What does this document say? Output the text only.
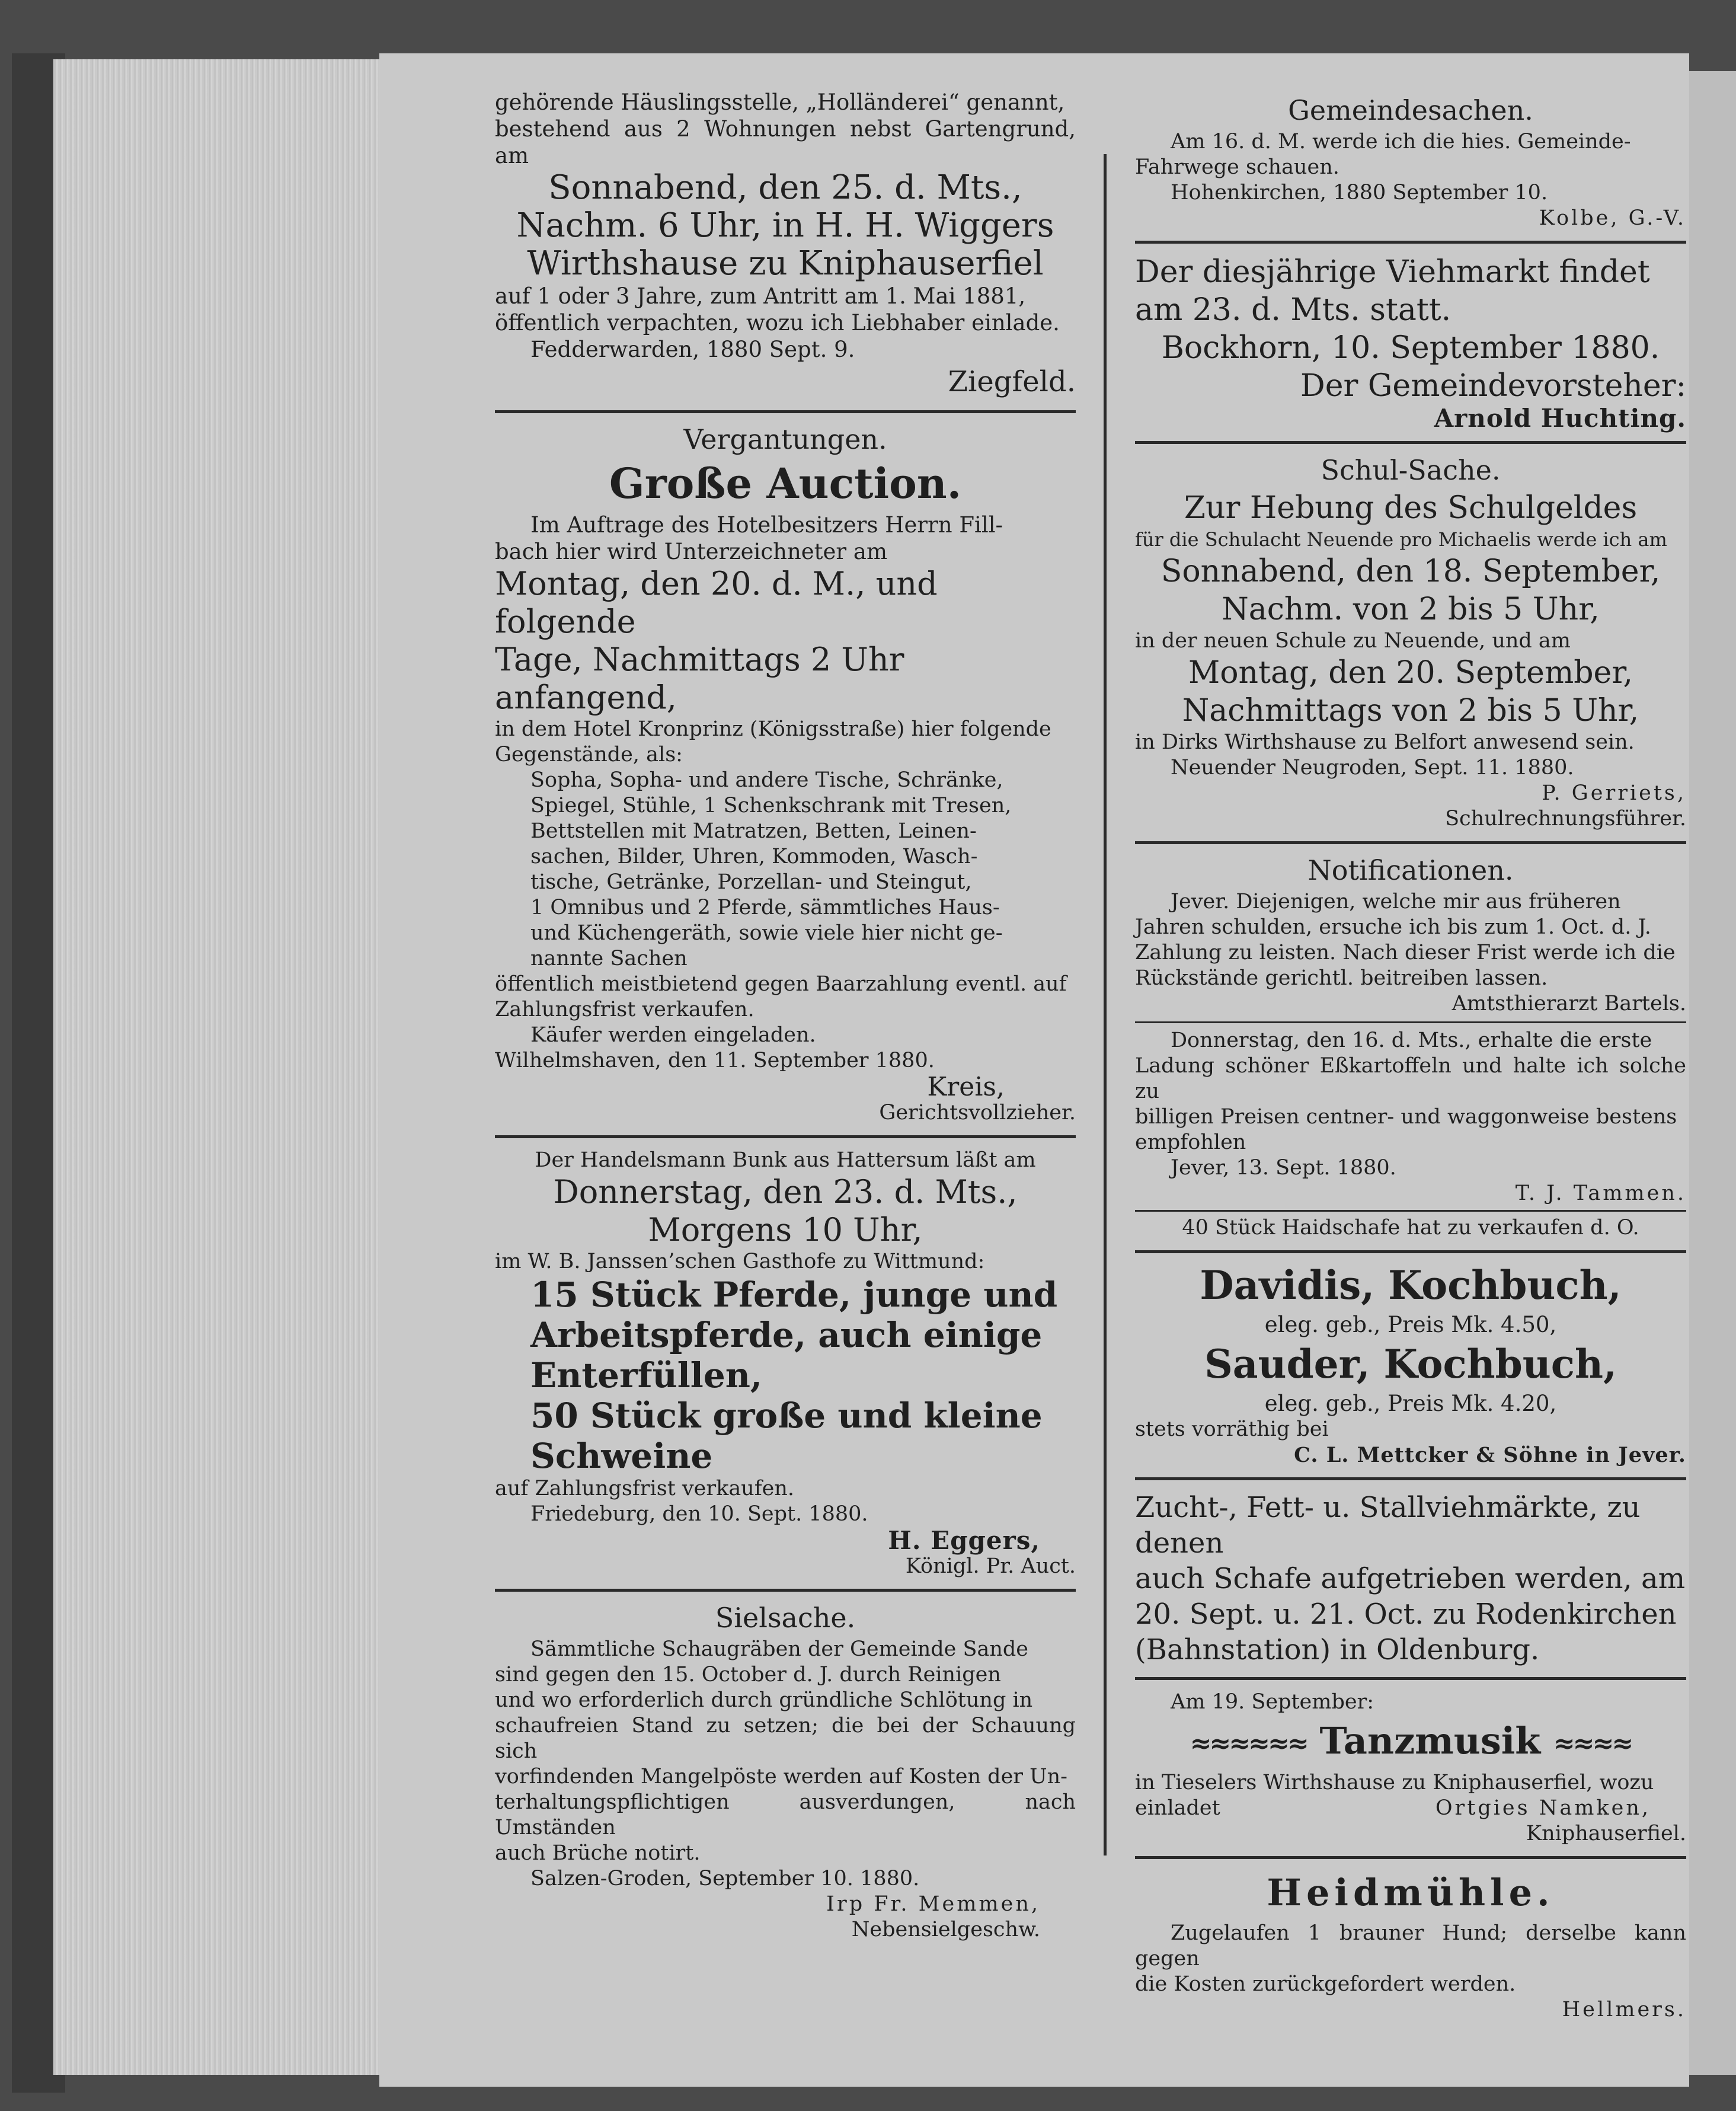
gehörende Häuslingsstelle, „Holländerei“ genannt,

bestehend aus 2 Wohnungen nebst Gartengrund, am

Sonnabend, den 25. d. Mts.,

Nachm. 6 Uhr, in H. H. Wiggers

Wirthshause zu Kniphauserfiel

auf 1 oder 3 Jahre, zum Antritt am 1. Mai 1881,

öffentlich verpachten, wozu ich Liebhaber einlade.

Fedderwarden, 1880 Sept. 9.

Ziegfeld.

Vergantungen.

Große Auction.

Im Auftrage des Hotelbesitzers Herrn Fill-

bach hier wird Unterzeichneter am

Montag, den 20. d. M., und folgende

Tage, Nachmittags 2 Uhr anfangend,

in dem Hotel Kronprinz (Königsstraße) hier folgende

Gegenstände, als:

Sopha, Sopha- und andere Tische, Schränke,

Spiegel, Stühle, 1 Schenkschrank mit Tresen,

Bettstellen mit Matratzen, Betten, Leinen-

sachen, Bilder, Uhren, Kommoden, Wasch-

tische, Getränke, Porzellan- und Steingut,

1 Omnibus und 2 Pferde, sämmtliches Haus-

und Küchengeräth, sowie viele hier nicht ge-

nannte Sachen

öffentlich meistbietend gegen Baarzahlung eventl. auf

Zahlungsfrist verkaufen.

Käufer werden eingeladen.

Wilhelmshaven, den 11. September 1880.

Kreis,

Gerichtsvollzieher.

Der Handelsmann Bunk aus Hattersum läßt am

Donnerstag, den 23. d. Mts.,

Morgens 10 Uhr,

im W. B. Janssen’schen Gasthofe zu Wittmund:

15 Stück Pferde, junge und

Arbeitspferde, auch einige

Enterfüllen,

50 Stück große und kleine

Schweine

auf Zahlungsfrist verkaufen.

Friedeburg, den 10. Sept. 1880.

H. Eggers,

Königl. Pr. Auct.

Sielsache.

Sämmtliche Schaugräben der Gemeinde Sande

sind gegen den 15. October d. J. durch Reinigen

und wo erforderlich durch gründliche Schlötung in

schaufreien Stand zu setzen; die bei der Schauung sich

vorfindenden Mangelpöste werden auf Kosten der Un-

terhaltungspflichtigen ausverdungen, nach Umständen

auch Brüche notirt.

Salzen-Groden, September 10. 1880.

Irp Fr. Memmen,

Nebensielgeschw.

Gemeindesachen.

Am 16. d. M. werde ich die hies. Gemeinde-

Fahrwege schauen.

Hohenkirchen, 1880 September 10.

Kolbe, G.-V.

Der diesjährige Viehmarkt findet

am 23. d. Mts. statt.

Bockhorn, 10. September 1880.

Der Gemeindevorsteher:

Arnold Huchting.

Schul-Sache.

Zur Hebung des Schulgeldes

für die Schulacht Neuende pro Michaelis werde ich am

Sonnabend, den 18. September,

Nachm. von 2 bis 5 Uhr,

in der neuen Schule zu Neuende, und am

Montag, den 20. September,

Nachmittags von 2 bis 5 Uhr,

in Dirks Wirthshause zu Belfort anwesend sein.

Neuender Neugroden, Sept. 11. 1880.

P. Gerriets,

Schulrechnungsführer.

Notificationen.

Jever. Diejenigen, welche mir aus früheren

Jahren schulden, ersuche ich bis zum 1. Oct. d. J.

Zahlung zu leisten. Nach dieser Frist werde ich die

Rückstände gerichtl. beitreiben lassen.

Amtsthierarzt Bartels.

Donnerstag, den 16. d. Mts., erhalte die erste

Ladung schöner Eßkartoffeln und halte ich solche zu

billigen Preisen centner- und waggonweise bestens

empfohlen

Jever, 13. Sept. 1880.

T. J. Tammen.

40 Stück Haidschafe hat zu verkaufen d. O.

Davidis, Kochbuch,

eleg. geb., Preis Mk. 4.50,

Sauder, Kochbuch,

eleg. geb., Preis Mk. 4.20,

stets vorräthig bei

C. L. Mettcker & Söhne in Jever.

Zucht-, Fett- u. Stallviehmärkte, zu denen

auch Schafe aufgetrieben werden, am

20. Sept. u. 21. Oct. zu Rodenkirchen

(Bahnstation) in Oldenburg.

Am 19. September:

≈≈≈≈≈≈ Tanzmusik ≈≈≈≈

in Tieselers Wirthshause zu Kniphauserfiel, wozu

einladet	Ortgies Namken,

Kniphauserfiel.

Heidmühle.

Zugelaufen 1 brauner Hund; derselbe kann gegen

die Kosten zurückgefordert werden.

Hellmers.
